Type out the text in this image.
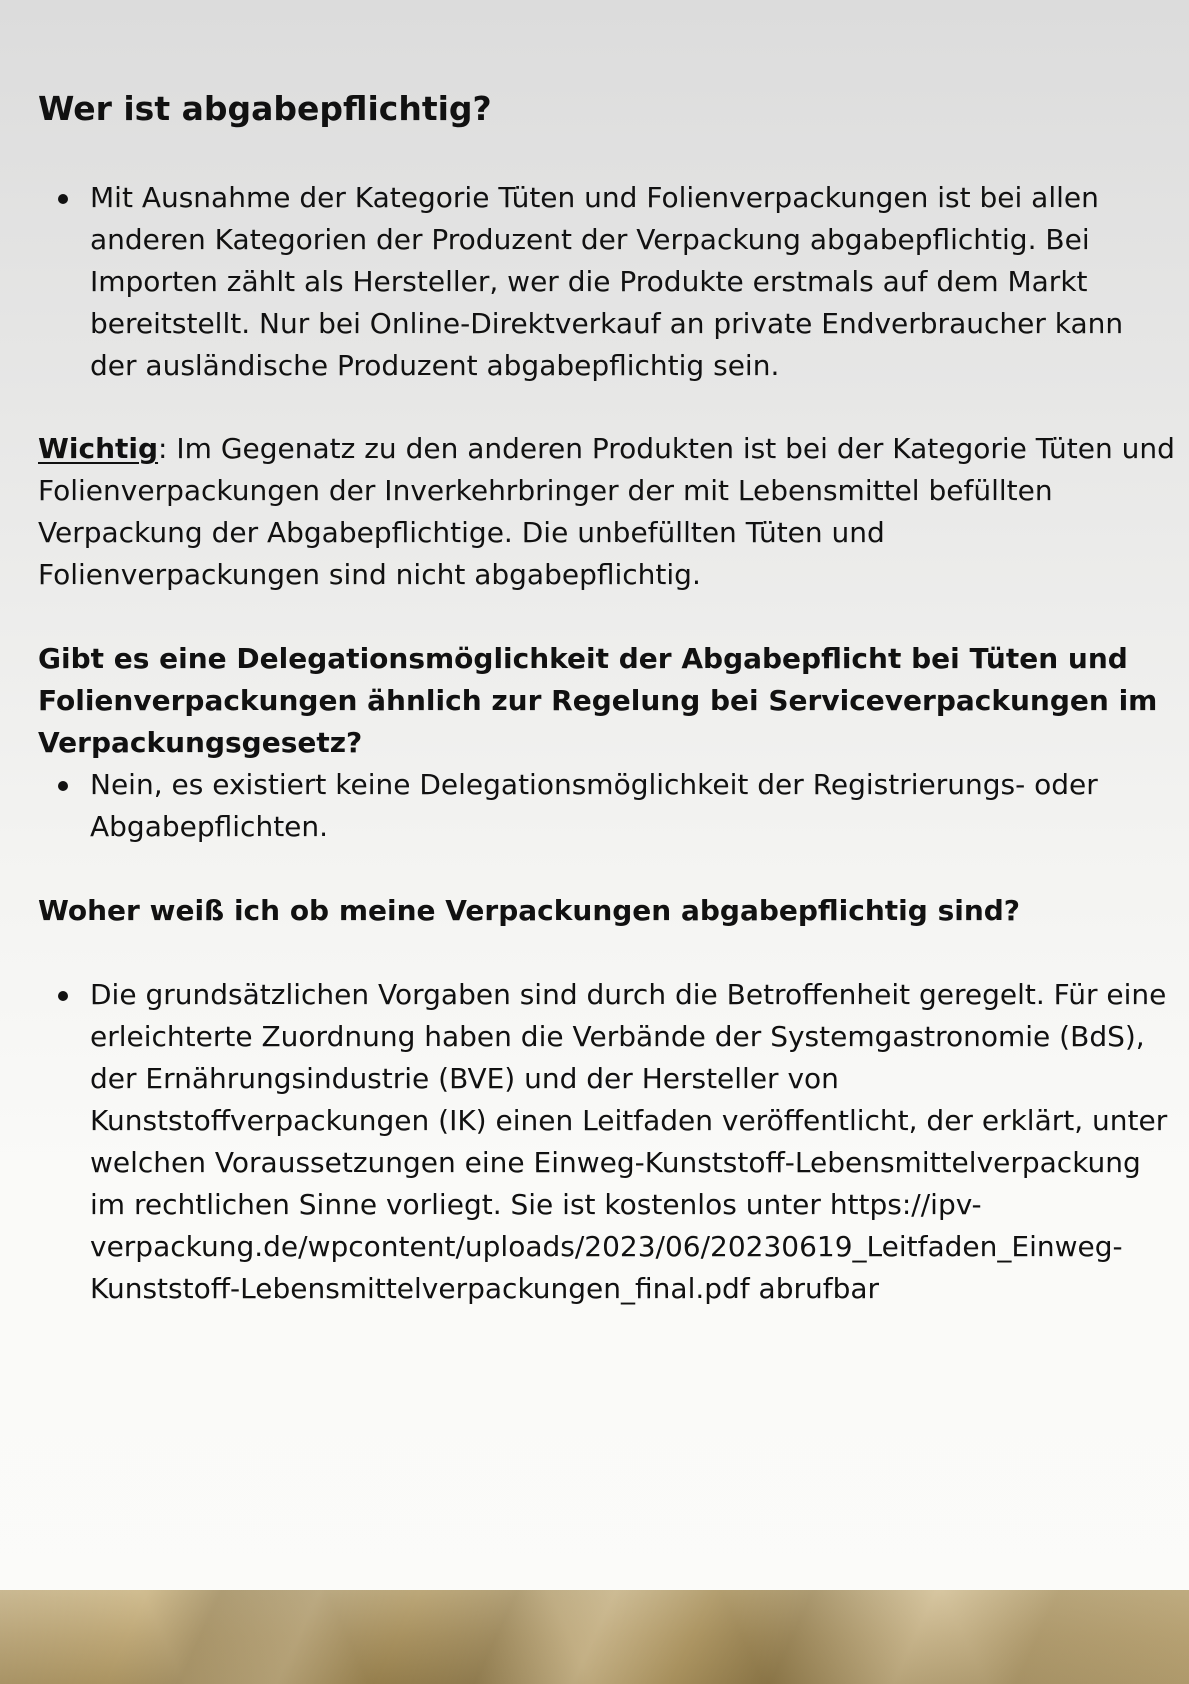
Wer ist abgabepflichtig?
Mit Ausnahme der Kategorie Tüten und Folienverpackungen ist bei allen anderen Kategorien der Produzent der Verpackung abgabepflichtig. Bei Importen zählt als Hersteller, wer die Produkte erstmals auf dem Markt bereitstellt. Nur bei Online-Direktverkauf an private Endverbraucher kann der ausländische Produzent abgabepflichtig sein.

Wichtig: Im Gegenatz zu den anderen Produkten ist bei der Kategorie Tüten und Folienverpackungen der Inverkehrbringer der mit Lebensmittel befüllten Verpackung der Abgabepflichtige. Die unbefüllten Tüten und Folienverpackungen sind nicht abgabepflichtig.

Gibt es eine Delegationsmöglichkeit der Abgabepflicht bei Tüten und Folienverpackungen ähnlich zur Regelung bei Serviceverpackungen im Verpackungsgesetz?
Nein, es existiert keine Delegationsmöglichkeit der Registrierungs- oder Abgabepflichten.
Woher weiß ich ob meine Verpackungen abgabepflichtig sind?
Die grundsätzlichen Vorgaben sind durch die Betroffenheit geregelt. Für eine erleichterte Zuordnung haben die Verbände der Systemgastronomie (BdS), der Ernährungsindustrie (BVE) und der Hersteller von Kunststoffverpackungen (IK) einen Leitfaden veröffentlicht, der erklärt, unter welchen Voraussetzungen eine Einweg-Kunststoff-Lebensmittelverpackung im rechtlichen Sinne vorliegt. Sie ist kostenlos unter https://ipv-verpackung.de/wpcontent/uploads/2023/06/20230619_Leitfaden_Einweg-Kunststoff-Lebensmittelverpackungen_final.pdf abrufbar
